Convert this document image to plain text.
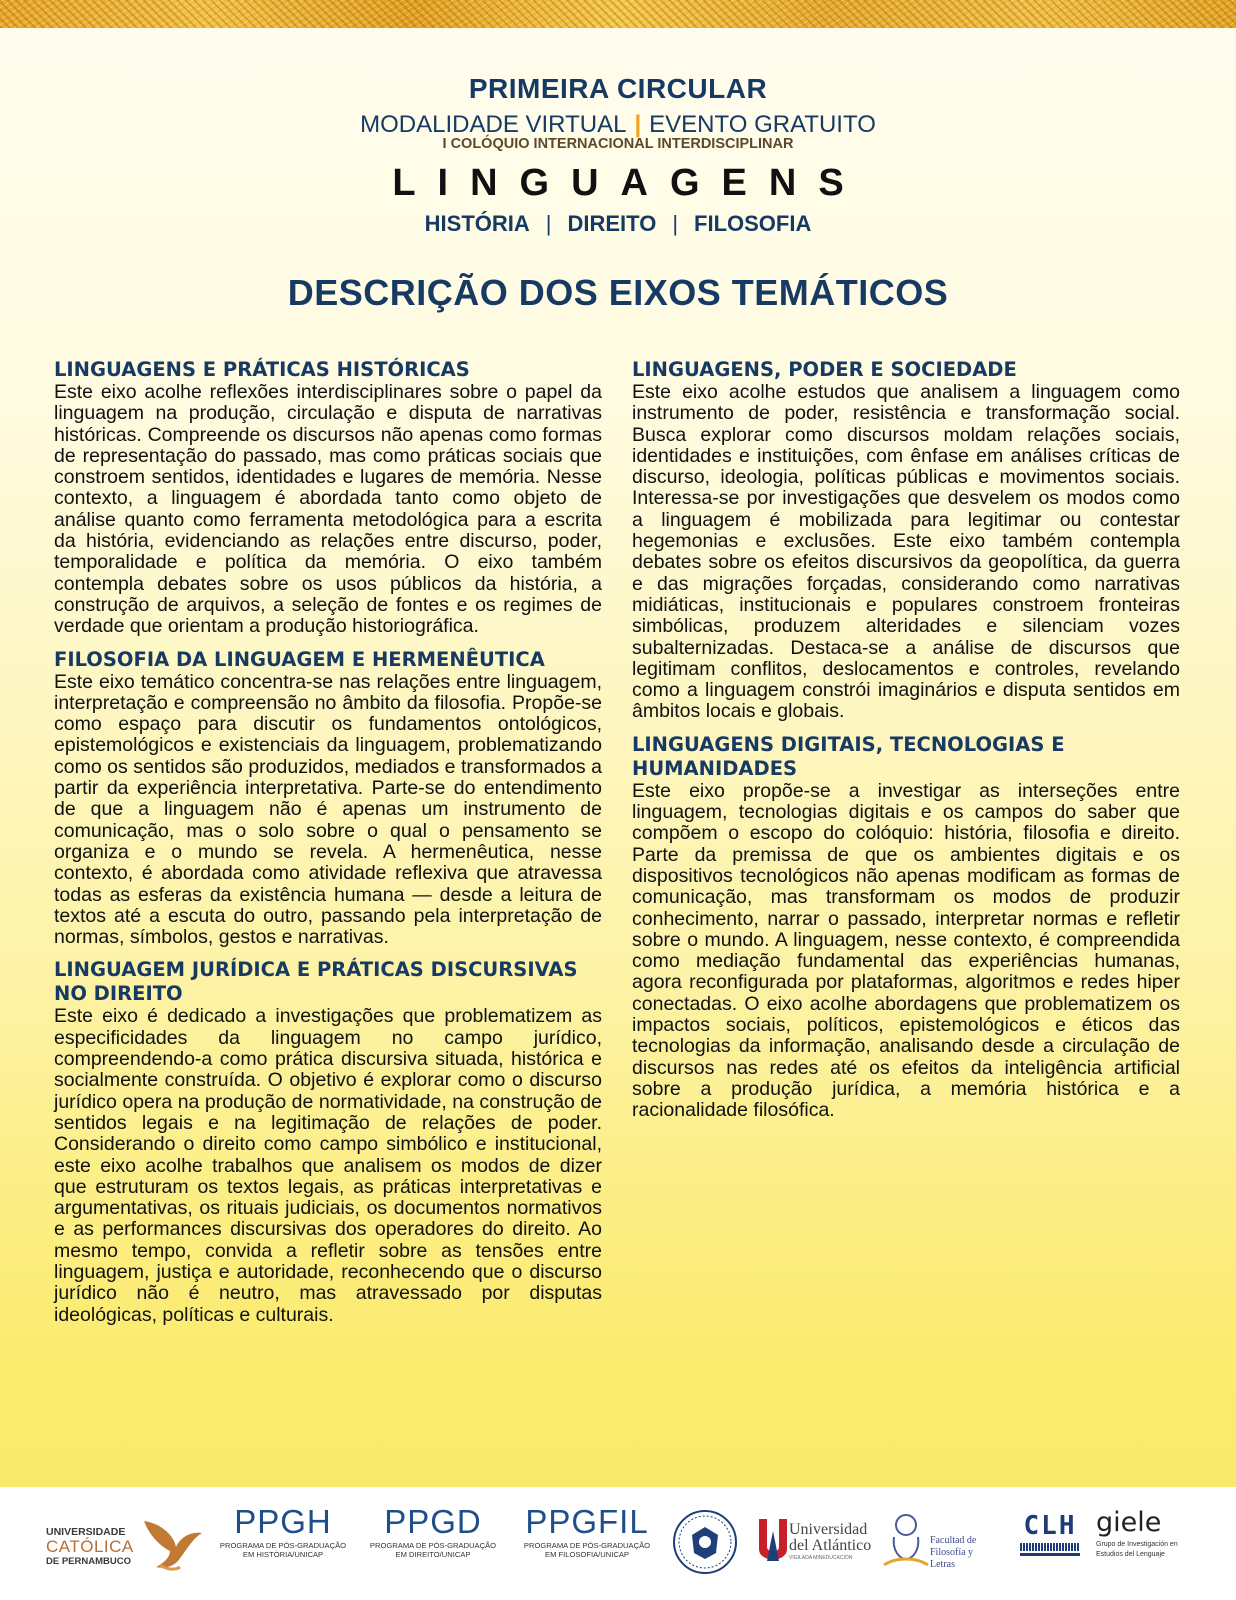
PRIMEIRA CIRCULAR
MODALIDADE VIRTUAL | EVENTO GRATUITO
I COLÓQUIO INTERNACIONAL INTERDISCIPLINAR
LINGUAGENS
HISTÓRIA | DIREITO | FILOSOFIA
DESCRIÇÃO DOS EIXOS TEMÁTICOS
LINGUAGENS E PRÁTICAS HISTÓRICAS

Este eixo acolhe reflexões interdisciplinares sobre o papel da linguagem na produção, circulação e disputa de narrativas históricas. Compreende os discursos não apenas como formas de representação do passado, mas como práticas sociais que constroem sentidos, identidades e lugares de memória. Nesse contexto, a linguagem é abordada tanto como objeto de análise quanto como ferramenta metodológica para a escrita da história, evidenciando as relações entre discurso, poder, temporalidade e política da memória. O eixo também contempla debates sobre os usos públicos da história, a construção de arquivos, a seleção de fontes e os regimes de verdade que orientam a produção historiográfica.

FILOSOFIA DA LINGUAGEM E HERMENÊUTICA

Este eixo temático concentra-se nas relações entre linguagem, interpretação e compreensão no âmbito da filosofia. Propõe-se como espaço para discutir os fundamentos ontológicos, epistemológicos e existenciais da linguagem, problematizando como os sentidos são produzidos, mediados e transformados a partir da experiência interpretativa. Parte-se do entendimento de que a linguagem não é apenas um instrumento de comunicação, mas o solo sobre o qual o pensamento se organiza e o mundo se revela. A hermenêutica, nesse contexto, é abordada como atividade reflexiva que atravessa todas as esferas da existência humana — desde a leitura de textos até a escuta do outro, passando pela interpretação de normas, símbolos, gestos e narrativas.

LINGUAGEM JURÍDICA E PRÁTICAS DISCURSIVAS NO DIREITO

Este eixo é dedicado a investigações que problematizem as especificidades da linguagem no campo jurídico, compreendendo-a como prática discursiva situada, histórica e socialmente construída. O objetivo é explorar como o discurso jurídico opera na produção de normatividade, na construção de sentidos legais e na legitimação de relações de poder. Considerando o direito como campo simbólico e institucional, este eixo acolhe trabalhos que analisem os modos de dizer que estruturam os textos legais, as práticas interpretativas e argumentativas, os rituais judiciais, os documentos normativos e as performances discursivas dos operadores do direito. Ao mesmo tempo, convida a refletir sobre as tensões entre linguagem, justiça e autoridade, reconhecendo que o discurso jurídico não é neutro, mas atravessado por disputas ideológicas, políticas e culturais.

LINGUAGENS, PODER E SOCIEDADE

Este eixo acolhe estudos que analisem a linguagem como instrumento de poder, resistência e transformação social. Busca explorar como discursos moldam relações sociais, identidades e instituições, com ênfase em análises críticas de discurso, ideologia, políticas públicas e movimentos sociais. Interessa-se por investigações que desvelem os modos como a linguagem é mobilizada para legitimar ou contestar hegemonias e exclusões. Este eixo também contempla debates sobre os efeitos discursivos da geopolítica, da guerra e das migrações forçadas, considerando como narrativas midiáticas, institucionais e populares constroem fronteiras simbólicas, produzem alteridades e silenciam vozes subalternizadas. Destaca-se a análise de discursos que legitimam conflitos, deslocamentos e controles, revelando como a linguagem constrói imaginários e disputa sentidos em âmbitos locais e globais.

LINGUAGENS DIGITAIS, TECNOLOGIAS E HUMANIDADES

Este eixo propõe-se a investigar as interseções entre linguagem, tecnologias digitais e os campos do saber que compõem o escopo do colóquio: história, filosofia e direito. Parte da premissa de que os ambientes digitais e os dispositivos tecnológicos não apenas modificam as formas de comunicação, mas transformam os modos de produzir conhecimento, narrar o passado, interpretar normas e refletir sobre o mundo. A linguagem, nesse contexto, é compreendida como mediação fundamental das experiências humanas, agora reconfigurada por plataformas, algoritmos e redes hiper conectadas. O eixo acolhe abordagens que problematizem os impactos sociais, políticos, epistemológicos e éticos das tecnologias da informação, analisando desde a circulação de discursos nas redes até os efeitos da inteligência artificial sobre a produção jurídica, a memória histórica e a racionalidade filosófica.

UNIVERSIDADE
CATÓLICA
DE PERNAMBUCO
PPGH
PROGRAMA DE PÓS-GRADUAÇÃO
EM HISTÓRIA/UNICAP
PPGD
PROGRAMA DE PÓS-GRADUAÇÃO
EM DIREITO/UNICAP
PPGFIL
PROGRAMA DE PÓS-GRADUAÇÃO
EM FILOSOFIA/UNICAP
Universidad
del Atlántico
VIGILADA MINEDUCACIÓN
Facultad de
Filosofía y Letras
CLH giele
Grupo de Investigación en
Estudios del Lenguaje
